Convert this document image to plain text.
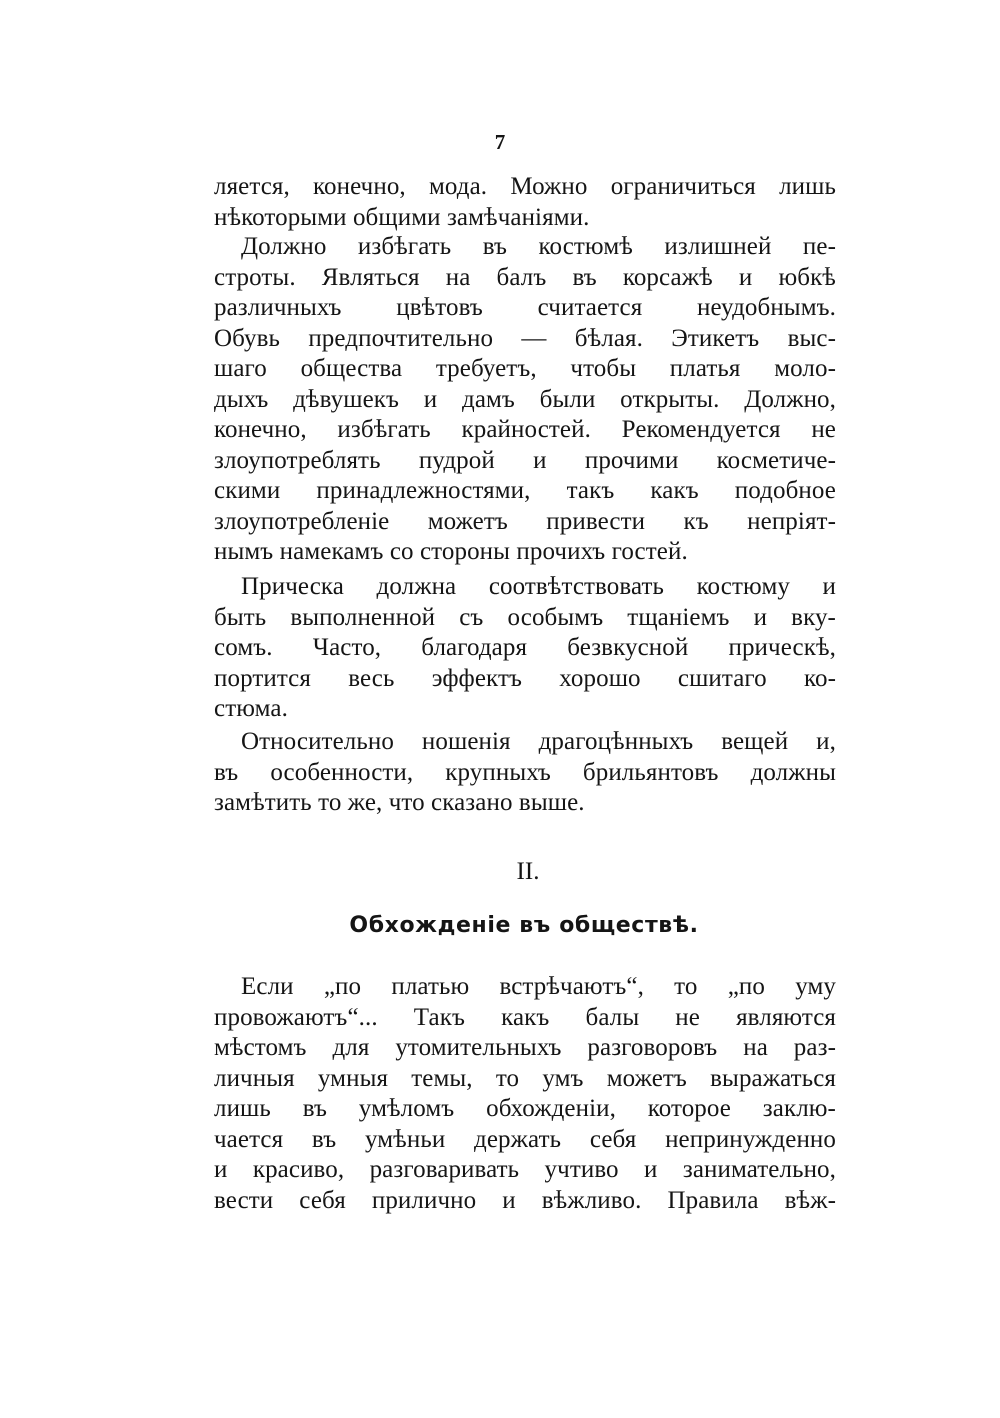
7
ляется, конечно, мода. Можно ограничиться лишь
нѣкоторыми общими замѣчаніями.
Должно избѣгать въ костюмѣ излишней пе-
строты. Являться на балъ въ корсажѣ и юбкѣ
различныхъ цвѣтовъ считается неудобнымъ.
Обувь предпочтительно — бѣлая. Этикетъ выс-
шаго общества требуетъ, чтобы платья моло-
дыхъ дѣвушекъ и дамъ были открыты. Должно,
конечно, избѣгать крайностей. Рекомендуется не
злоупотреблять пудрой и прочими косметиче-
скими принадлежностями, такъ какъ подобное
злоупотребленіе можетъ привести къ непріят-
нымъ намекамъ со стороны прочихъ гостей.
Прическа должна соотвѣтствовать костюму и
быть выполненной съ особымъ тщаніемъ и вку-
сомъ. Часто, благодаря безвкусной прическѣ,
портится весь эффектъ хорошо сшитаго ко-
стюма.
Относительно ношенія драгоцѣнныхъ вещей и,
въ особенности, крупныхъ брильянтовъ должны
замѣтить то же, что сказано выше.
II.
Обхожденіе въ обществѣ.
Если „по платью встрѣчаютъ“, то „по уму
провожаютъ“... Такъ какъ балы не являются
мѣстомъ для утомительныхъ разговоровъ на раз-
личныя умныя темы, то умъ можетъ выражаться
лишь въ умѣломъ обхожденіи, которое заклю-
чается въ умѣньи держать себя непринужденно
и красиво, разговаривать учтиво и занимательно,
вести себя прилично и вѣжливо. Правила вѣж-
